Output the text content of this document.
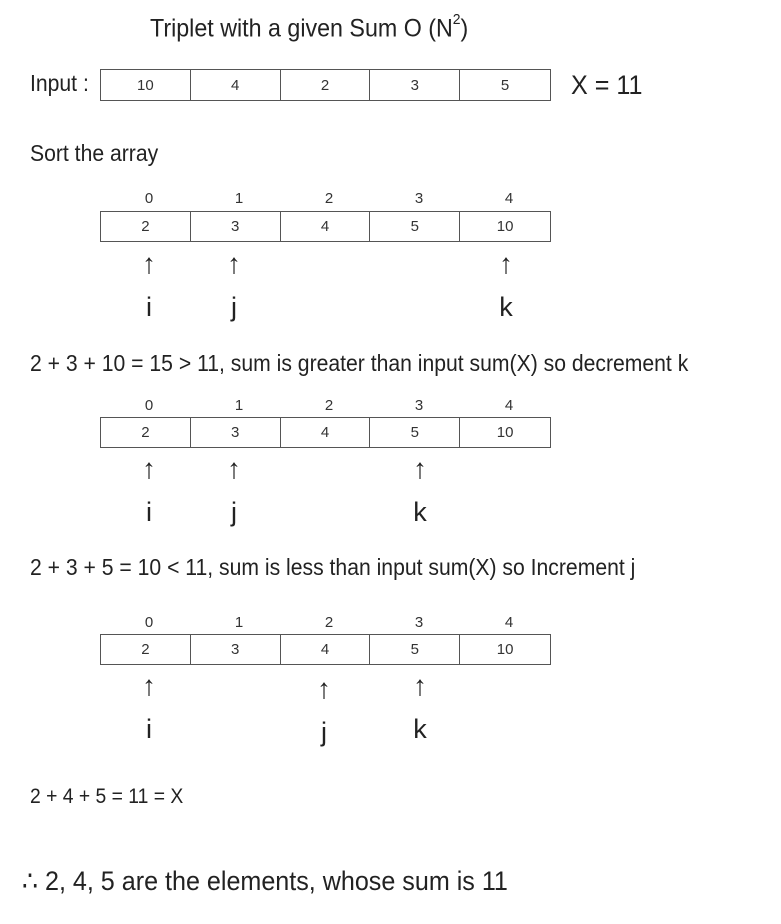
Triplet with a given Sum O $(N^2)$
Input :	10	4	2	3	5	X = 11
Sort the array
0	1	2	3	4
2	3	4	5	10
↑
i
↑
j
↑
k
2 + 3 + 10 = 15 > 11, sum is greater than input sum(X) so decrement k
0	1	2	3	4
2	3	4	5	10
↑
i
↑
j
↑
k
2 + 3 + 5 = 10 < 11, sum is less than input sum(X) so Increment j
0	1	2	3	4
2	3	4	5	10
↑
i
↑
j
↑
k
2 + 4 + 5 = 11 = X
∴ 2, 4, 5 are the elements, whose sum is 11
